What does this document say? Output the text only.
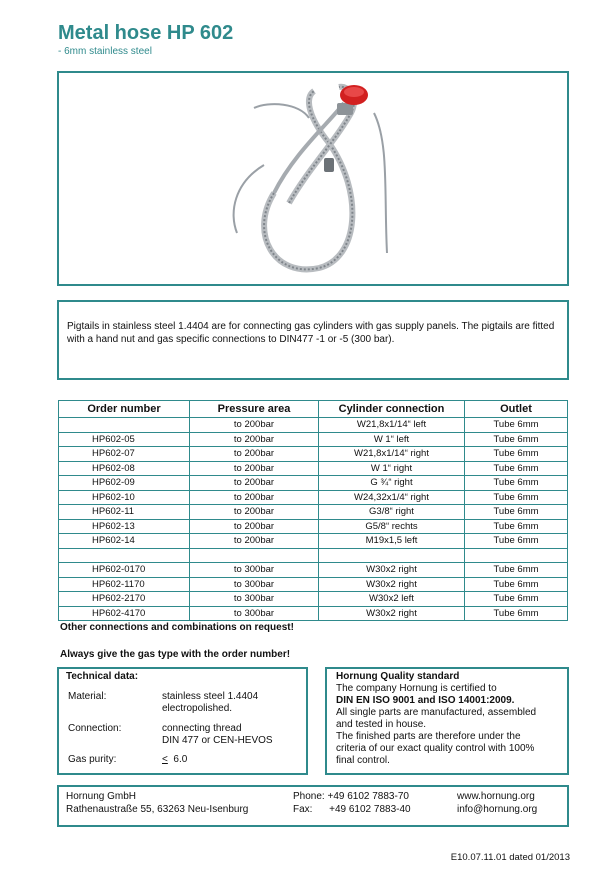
Metal hose HP 602
- 6mm stainless steel
Pigtails in stainless steel 1.4404 are for connecting gas cylinders with gas supply panels. The pigtails are fitted with a hand nut and gas specific connections to DIN477 -1 or -5 (300 bar).
Order number	Pressure area	Cylinder connection	Outlet
	to 200bar	W21,8x1/14“ left	Tube 6mm
HP602-05	to 200bar	W 1“ left	Tube 6mm
HP602-07	to 200bar	W21,8x1/14“ right	Tube 6mm
HP602-08	to 200bar	W 1“ right	Tube 6mm
HP602-09	to 200bar	G ¾“ right	Tube 6mm
HP602-10	to 200bar	W24,32x1/4“ right	Tube 6mm
HP602-11	to 200bar	G3/8“ right	Tube 6mm
HP602-13	to 200bar	G5/8“ rechts	Tube 6mm
HP602-14	to 200bar	M19x1,5 left	Tube 6mm

HP602-0170	to 300bar	W30x2 right	Tube 6mm
HP602-1170	to 300bar	W30x2 right	Tube 6mm
HP602-2170	to 300bar	W30x2 left	Tube 6mm
HP602-4170	to 300bar	W30x2 right	Tube 6mm
Other connections and combinations on request!
Always give the gas type with the order number!
Technical data:
Material:	stainless steel 1.4404
electropolished.
Connection:	connecting thread
DIN 477 or CEN-HEVOS
Gas purity:	< 6.0
Hornung Quality standard
The company Hornung is certified to
DIN EN ISO 9001 and ISO 14001:2009.
All single parts are manufactured, assembled
and tested in house.
The finished parts are therefore under the
criteria of our exact quality control with 100%
final control.
Hornung GmbH
Rathenaustraße 55, 63263 Neu-Isenburg
Phone: +49 6102 7883-70
Fax: +49 6102 7883-40
www.hornung.org
info@hornung.org
E10.07.11.01 dated 01/2013
